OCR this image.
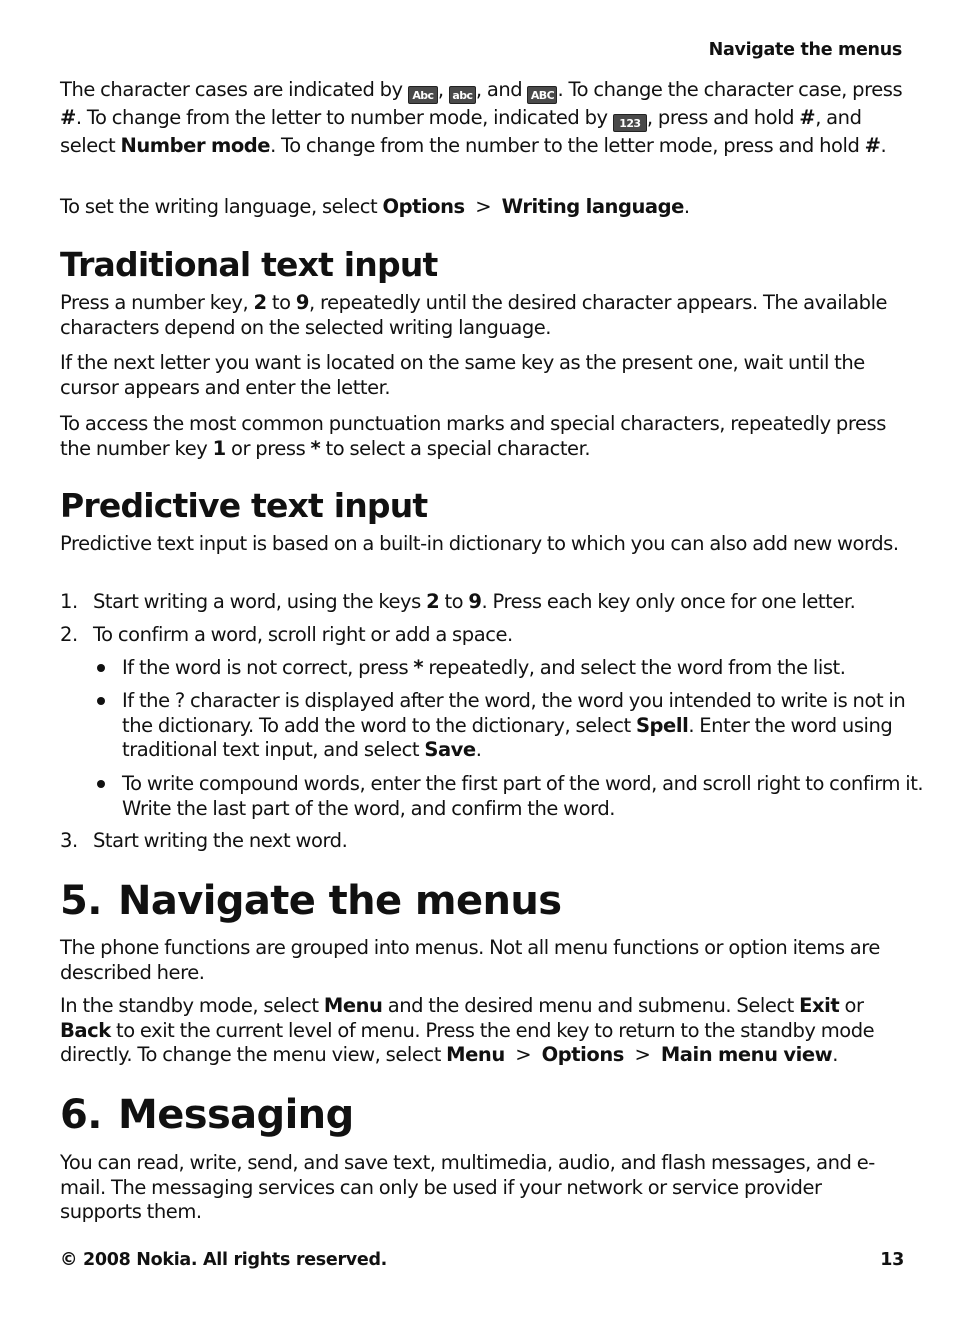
Navigate the menus

The character cases are indicated by Abc , abc , and ABC . To change the character case, press #. To change from the letter to number mode, indicated by 123 , press and hold #, and select Number mode. To change from the number to the letter mode, press and hold #.

To set the writing language, select Options  >  Writing language.

Traditional text input

Press a number key, 2 to 9, repeatedly until the desired character appears. The available characters depend on the selected writing language.

If the next letter you want is located on the same key as the present one, wait until the cursor appears and enter the letter.

To access the most common punctuation marks and special characters, repeatedly press the number key 1 or press * to select a special character.

Predictive text input

Predictive text input is based on a built-in dictionary to which you can also add new words.

1. Start writing a word, using the keys 2 to 9. Press each key only once for one letter.
2. To confirm a word, scroll right or add a space.
If the word is not correct, press * repeatedly, and select the word from the list.
If the ? character is displayed after the word, the word you intended to write is not in the dictionary. To add the word to the dictionary, select Spell. Enter the word using traditional text input, and select Save.
To write compound words, enter the first part of the word, and scroll right to confirm it. Write the last part of the word, and confirm the word.
3. Start writing the next word.
5. Navigate the menus

The phone functions are grouped into menus. Not all menu functions or option items are described here.

In the standby mode, select Menu and the desired menu and submenu. Select Exit or Back to exit the current level of menu. Press the end key to return to the standby mode directly. To change the menu view, select Menu  >  Options  >  Main menu view.

6. Messaging

You can read, write, send, and save text, multimedia, audio, and flash messages, and e-mail. The messaging services can only be used if your network or service provider supports them.

© 2008 Nokia. All rights reserved.	13
